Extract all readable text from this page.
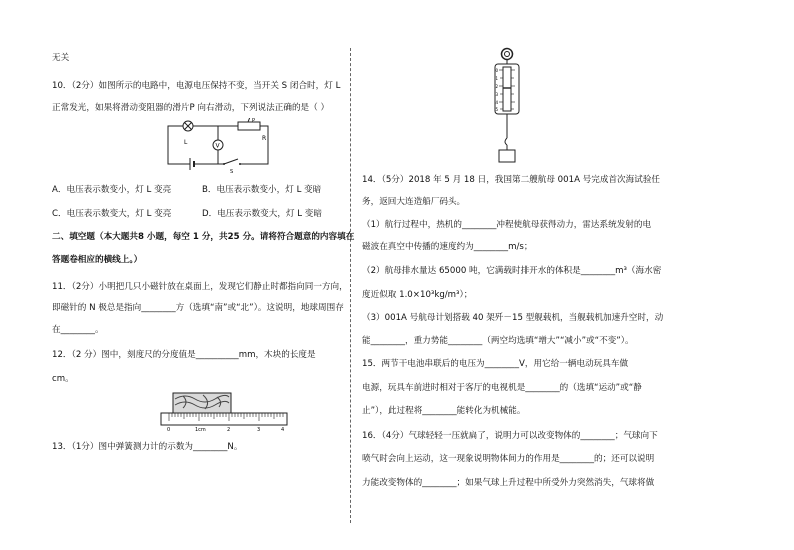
无关
10．（2分）如图所示的电路中，电源电压保持不变，当开关 S 闭合时，灯 L
正常发光，如果将滑动变阻器的滑片P 向右滑动，下列说法正确的是（ ）
L	V
P
R
S
A．电压表示数变小，灯 L 变亮	B．电压表示数变小，灯 L 变暗
C．电压表示数变大，灯 L 变亮	D．电压表示数变大，灯 L 变暗
二、填空题（本大题共8 小题，每空 1 分，共25 分。请将符合题意的内容填在
答题卷相应的横线上。）
11．（2分）小明把几只小磁针放在桌面上，发现它们静止时都指向同一方向，
即磁针的 N 极总是指向________方（选填“南”或“北”）。这说明，地球周围存
在________。
12．（2 分）图中，刻度尺的分度值是__________mm，木块的长度是
cm。
0	1cm	2	3	4
13．（1分）图中弹簧测力计的示数为________N。
0
1
2
3
4
5
14．（5分）2018 年 5 月 18 日，我国第二艘航母 001A 号完成首次海试验任
务，返回大连造船厂码头。
（1）航行过程中，热机的________冲程使航母获得动力，雷达系统发射的电
磁波在真空中传播的速度约为________m/s；
（2）航母排水量达 65000 吨，它满载时排开水的体积是________m³（海水密
度近似取 1.0×10³kg/m³）；
（3）001A 号航母计划搭载 40 架歼－15 型舰载机，当舰载机加速升空时，动
能________，重力势能________（两空均选填“增大”“减小”或“不变”）。
15．两节干电池串联后的电压为________V，用它给一辆电动玩具车做
电源，玩具车前进时相对于客厅的电视机是________的（选填“运动”或“静
止”），此过程将________能转化为机械能。
16．（4分）气球轻轻一压就扁了，说明力可以改变物体的________；气球向下
喷气时会向上运动，这一现象说明物体间力的作用是________的；还可以说明
力能改变物体的________；如果气球上升过程中所受外力突然消失，气球将做
